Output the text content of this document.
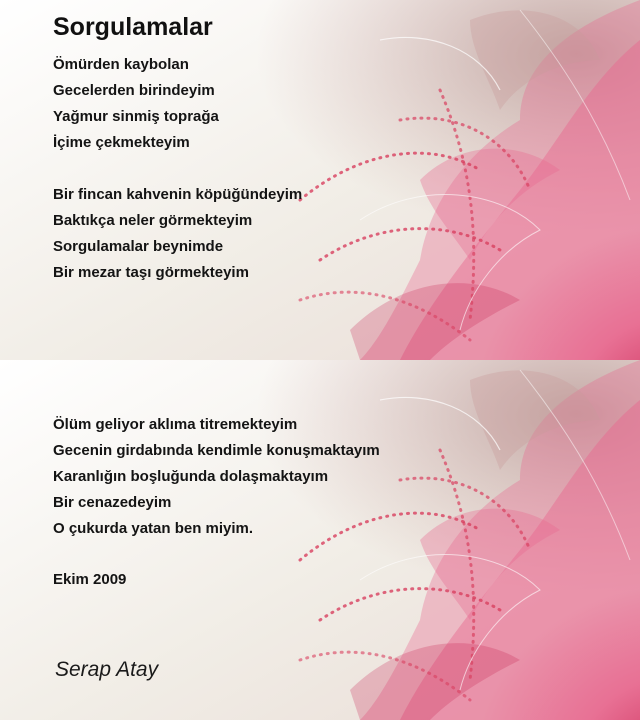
Sorgulamalar
Ömürden kaybolan
Gecelerden birindeyim
Yağmur sinmiş toprağa
İçime çekmekteyim
Bir fincan kahvenin köpüğündeyim
Baktıkça neler görmekteyim
Sorgulamalar beynimde
Bir mezar taşı görmekteyim
Ölüm geliyor aklıma titremekteyim
Gecenin girdabında kendimle konuşmaktayım
Karanlığın boşluğunda dolaşmaktayım
Bir cenazedeyim
O çukurda yatan ben miyim.
Ekim 2009
Serap Atay
